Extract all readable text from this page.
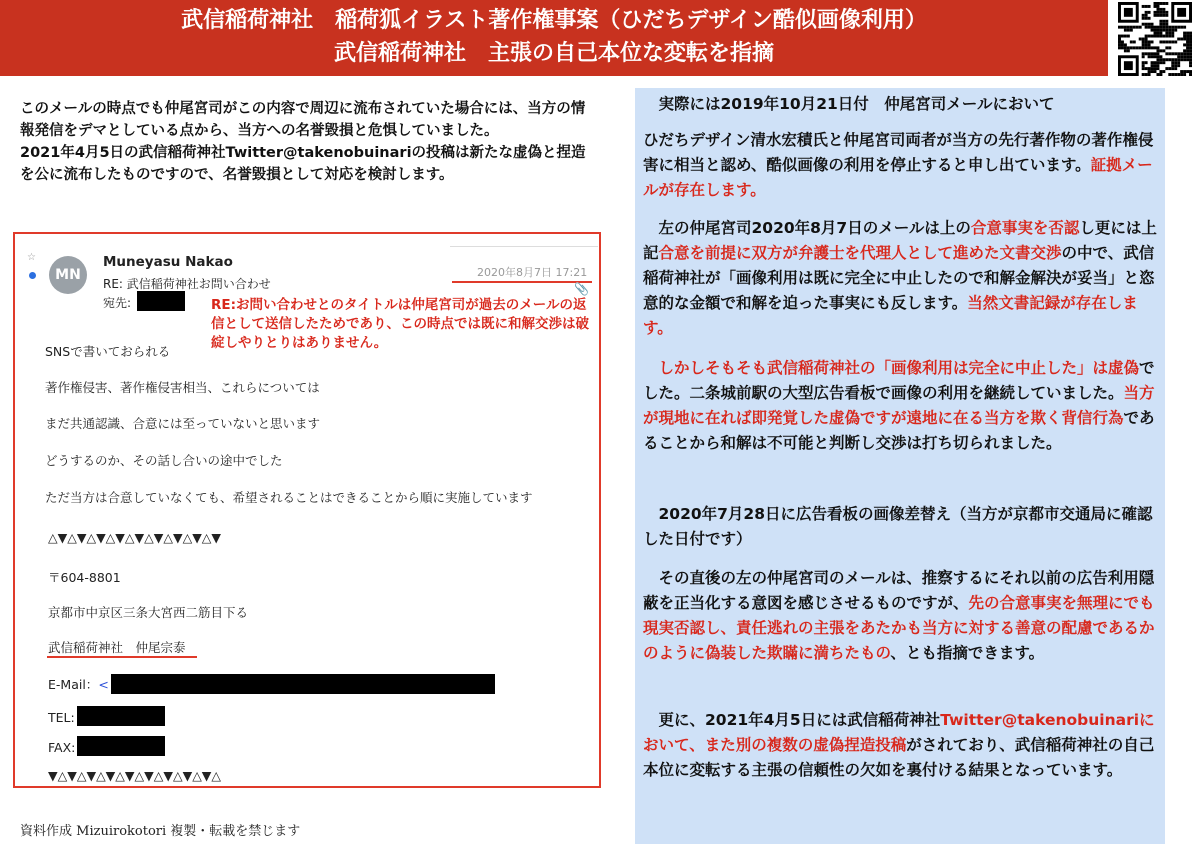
武信稲荷神社　稲荷狐イラスト著作権事案（ひだちデザイン酷似画像利用）
武信稲荷神社　主張の自己本位な変転を指摘

このメールの時点でも仲尾宮司がこの内容で周辺に流布されていた場合には、当方の情報発信をデマとしている点から、当方への名誉毀損と危惧していました。

2021年4月5日の武信稲荷神社Twitter@takenobuinariの投稿は新たな虚偽と捏造を公に流布したものですので、名誉毀損として対応を検討します。

☆
MN
Muneyasu Nakao
RE: 武信稲荷神社お問い合わせ
宛先:
2020年8月7日 17:21
📎
RE:お問い合わせとのタイトルは仲尾宮司が過去のメールの返信として送信したためであり、この時点では既に和解交渉は破綻しやりとりはありません。
SNSで書いておられる
著作権侵害、著作権侵害相当、これらについては
まだ共通認識、合意には至っていないと思います
どうするのか、その話し合いの途中でした
ただ当方は合意していなくても、希望されることはできることから順に実施しています
△▼△▼△▼△▼△▼△▼△▼△▼△▼
〒604-8801
京都市中京区三条大宮西二筋目下る
武信稲荷神社　仲尾宗泰
E-Mail：<
TEL:
FAX:
▼△▼△▼△▼△▼△▼△▼△▼△▼△

　実際には2019年10月21日付　仲尾宮司メールにおいて

ひだちデザイン清水宏積氏と仲尾宮司両者が当方の先行著作物の著作権侵害に相当と認め、酷似画像の利用を停止すると申し出ています。証拠メールが存在します。

　左の仲尾宮司2020年8月7日のメールは上の合意事実を否認し更には上記合意を前提に双方が弁護士を代理人として進めた文書交渉の中で、武信稲荷神社が「画像利用は既に完全に中止したので和解金解決が妥当」と恣意的な金額で和解を迫った事実にも反します。当然文書記録が存在します。

　しかしそもそも武信稲荷神社の「画像利用は完全に中止した」は虚偽でした。二条城前駅の大型広告看板で画像の利用を継続していました。当方が現地に在れば即発覚した虚偽ですが遠地に在る当方を欺く背信行為であることから和解は不可能と判断し交渉は打ち切られました。

　2020年7月28日に広告看板の画像差替え（当方が京都市交通局に確認した日付です）

　その直後の左の仲尾宮司のメールは、推察するにそれ以前の広告利用隠蔽を正当化する意図を感じさせるものですが、先の合意事実を無理にでも現実否認し、責任逃れの主張をあたかも当方に対する善意の配慮であるかのように偽装した欺瞞に満ちたもの、とも指摘できます。

　更に、2021年4月5日には武信稲荷神社Twitter@takenobuinariにおいて、また別の複数の虚偽捏造投稿がされており、武信稲荷神社の自己本位に変転する主張の信頼性の欠如を裏付ける結果となっています。

資料作成 Mizuirokotori 複製・転載を禁じます
